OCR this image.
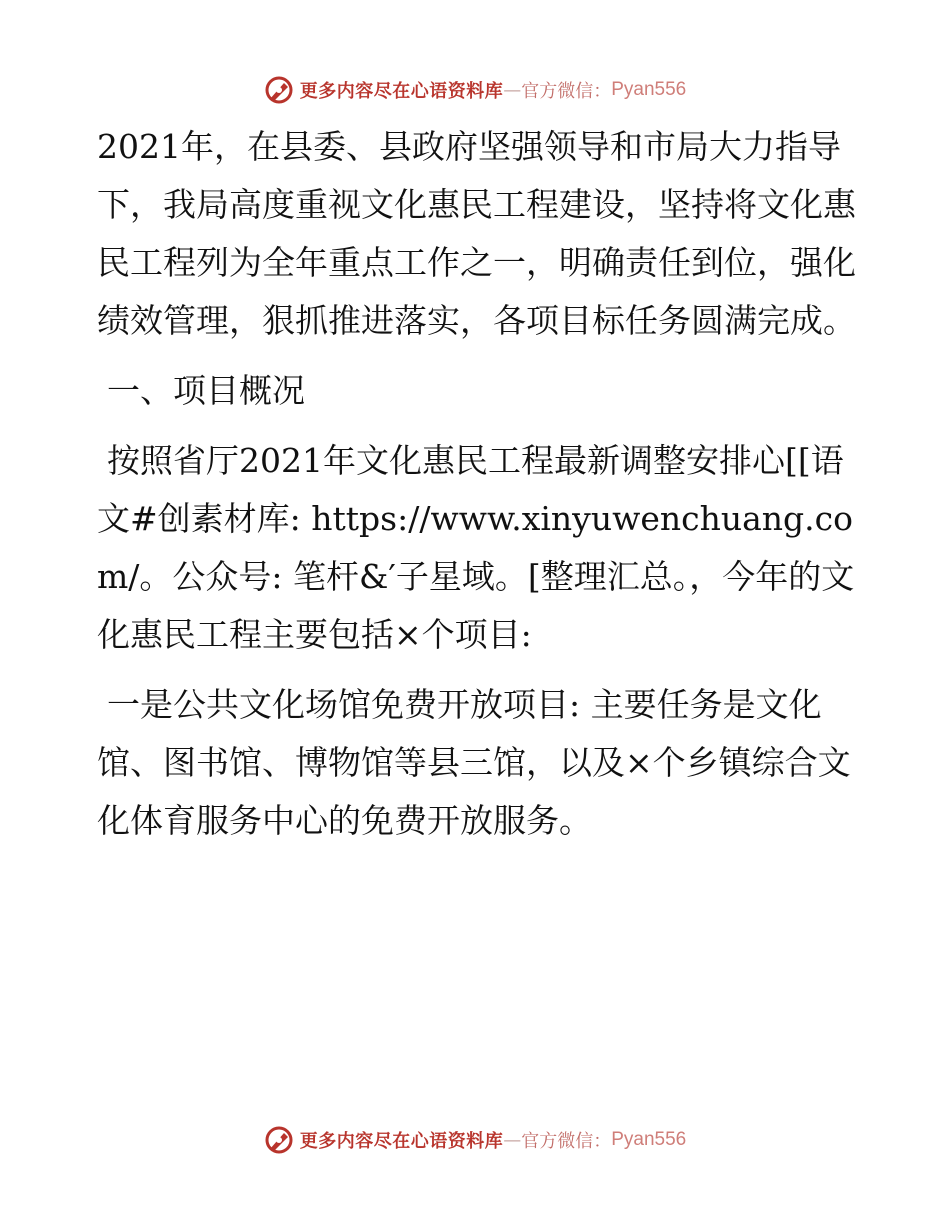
更多内容尽在心语资料库 — 官方微信： Pyan556

2021年，在县委、县政府坚强领导和市局大力指导下，我局高度重视文化惠民工程建设，坚持将文化惠民工程列为全年重点工作之一，明确责任到位，强化绩效管理，狠抓推进落实，各项目标任务圆满完成。

一、项目概况

按照省厅2021年文化惠民工程最新调整安排心[[语文#创素材库: https://www.xinyuwenchuang.com/。公众号: 笔杆&′子星域。[整理汇总。，今年的文化惠民工程主要包括×个项目:

一是公共文化场馆免费开放项目: 主要任务是文化馆、图书馆、博物馆等县三馆，以及×个乡镇综合文化体育服务中心的免费开放服务。

更多内容尽在心语资料库 — 官方微信： Pyan556
